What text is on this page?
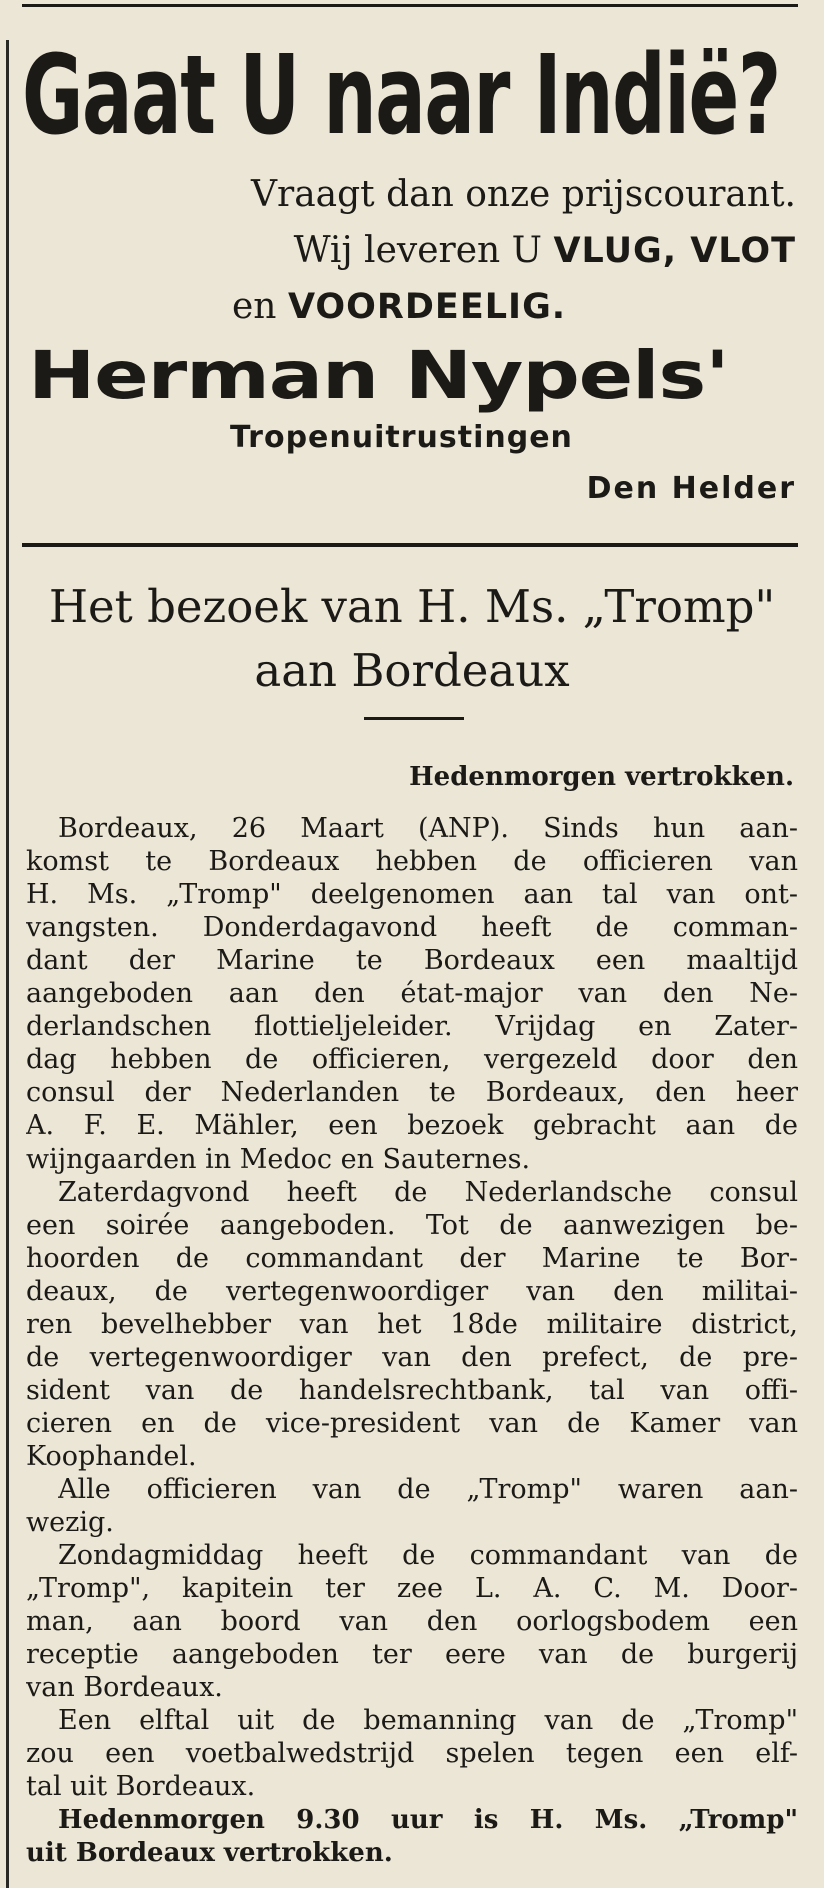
Gaat U naar Indië?
Vraagt dan onze prijscourant.
Wij leveren U VLUG, VLOT
en VOORDEELIG.
Herman Nypels'
Tropenuitrustingen
Den Helder
Het bezoek van H. Ms. „Tromp"
aan Bordeaux
Hedenmorgen vertrokken.
Bordeaux, 26 Maart (ANP). Sinds hun aan-
komst te Bordeaux hebben de officieren van
H. Ms. „Tromp" deelgenomen aan tal van ont-
vangsten. Donderdagavond heeft de comman-
dant der Marine te Bordeaux een maaltijd
aangeboden aan den état-major van den Ne-
derlandschen flottieljeleider. Vrijdag en Zater-
dag hebben de officieren, vergezeld door den
consul der Nederlanden te Bordeaux, den heer
A. F. E. Mähler, een bezoek gebracht aan de
wijngaarden in Medoc en Sauternes.
Zaterdagvond heeft de Nederlandsche consul
een soirée aangeboden. Tot de aanwezigen be-
hoorden de commandant der Marine te Bor-
deaux, de vertegenwoordiger van den militai-
ren bevelhebber van het 18de militaire district,
de vertegenwoordiger van den prefect, de pre-
sident van de handelsrechtbank, tal van offi-
cieren en de vice-president van de Kamer van
Koophandel.
Alle officieren van de „Tromp" waren aan-
wezig.
Zondagmiddag heeft de commandant van de
„Tromp", kapitein ter zee L. A. C. M. Door-
man, aan boord van den oorlogsbodem een
receptie aangeboden ter eere van de burgerij
van Bordeaux.
Een elftal uit de bemanning van de „Tromp"
zou een voetbalwedstrijd spelen tegen een elf-
tal uit Bordeaux.
Hedenmorgen 9.30 uur is H. Ms. „Tromp"
uit Bordeaux vertrokken.
